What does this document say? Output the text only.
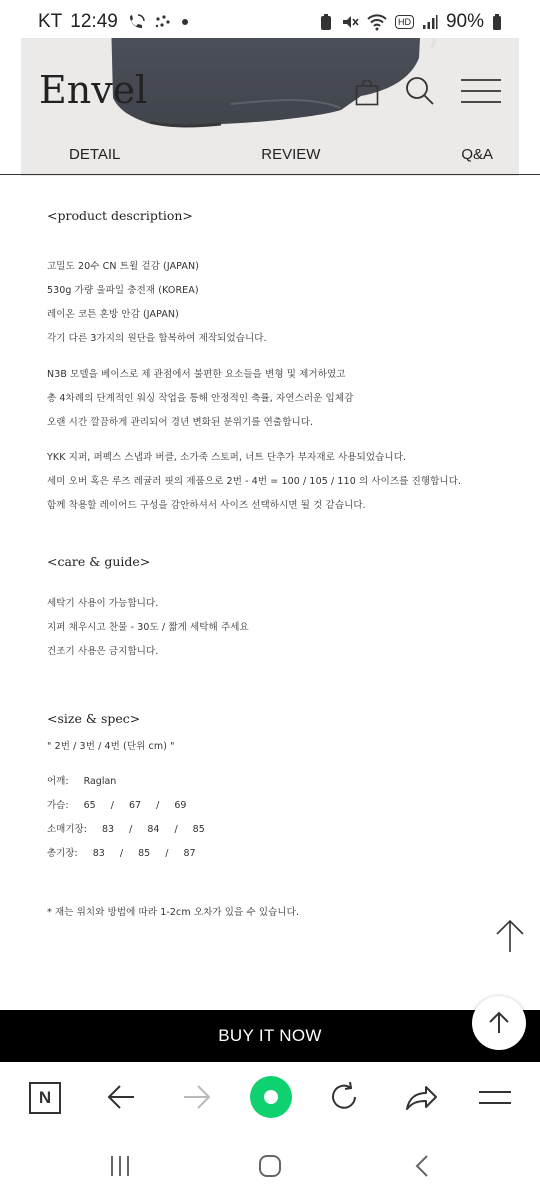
KT 12:49	HD 90%
Envel
DETAIL	REVIEW	Q&A
<product description>
고밀도 20수 CN 트윌 겉감 (JAPAN)
530g 가량 울파일 충전재 (KOREA)
레이온 코튼 혼방 안감 (JAPAN)
각기 다른 3가지의 원단을 합복하여 제작되었습니다.
N3B 모델을 베이스로 제 관점에서 불편한 요소들을 변형 및 제거하였고
총 4차례의 단계적인 워싱 작업을 통해 안정적인 축률, 자연스러운 입체감
오랜 시간 깔끔하게 관리되어 경년 변화된 분위기를 연출합니다.
YKK 지퍼, 퍼펙스 스냅과 버클, 소가죽 스토퍼, 너트 단추가 부자재로 사용되었습니다.
세미 오버 혹은 루즈 레귤러 핏의 제품으로 2번 - 4번 = 100 / 105 / 110 의 사이즈를 진행합니다.
함께 착용할 레이어드 구성을 감안하셔서 사이즈 선택하시면 될 것 같습니다.
<care & guide>
세탁기 사용이 가능합니다.
지퍼 채우시고 찬물 - 30도 / 짧게 세탁해 주세요
건조기 사용은 금지합니다.
<size & spec>
" 2번 / 3번 / 4번 (단위 cm) "
어깨: Raglan
가슴: 65 / 67 / 69
소매기장: 83 / 84 / 85
총기장: 83 / 85 / 87
* 재는 위치와 방법에 따라 1-2cm 오차가 있을 수 있습니다.
BUY IT NOW
N
